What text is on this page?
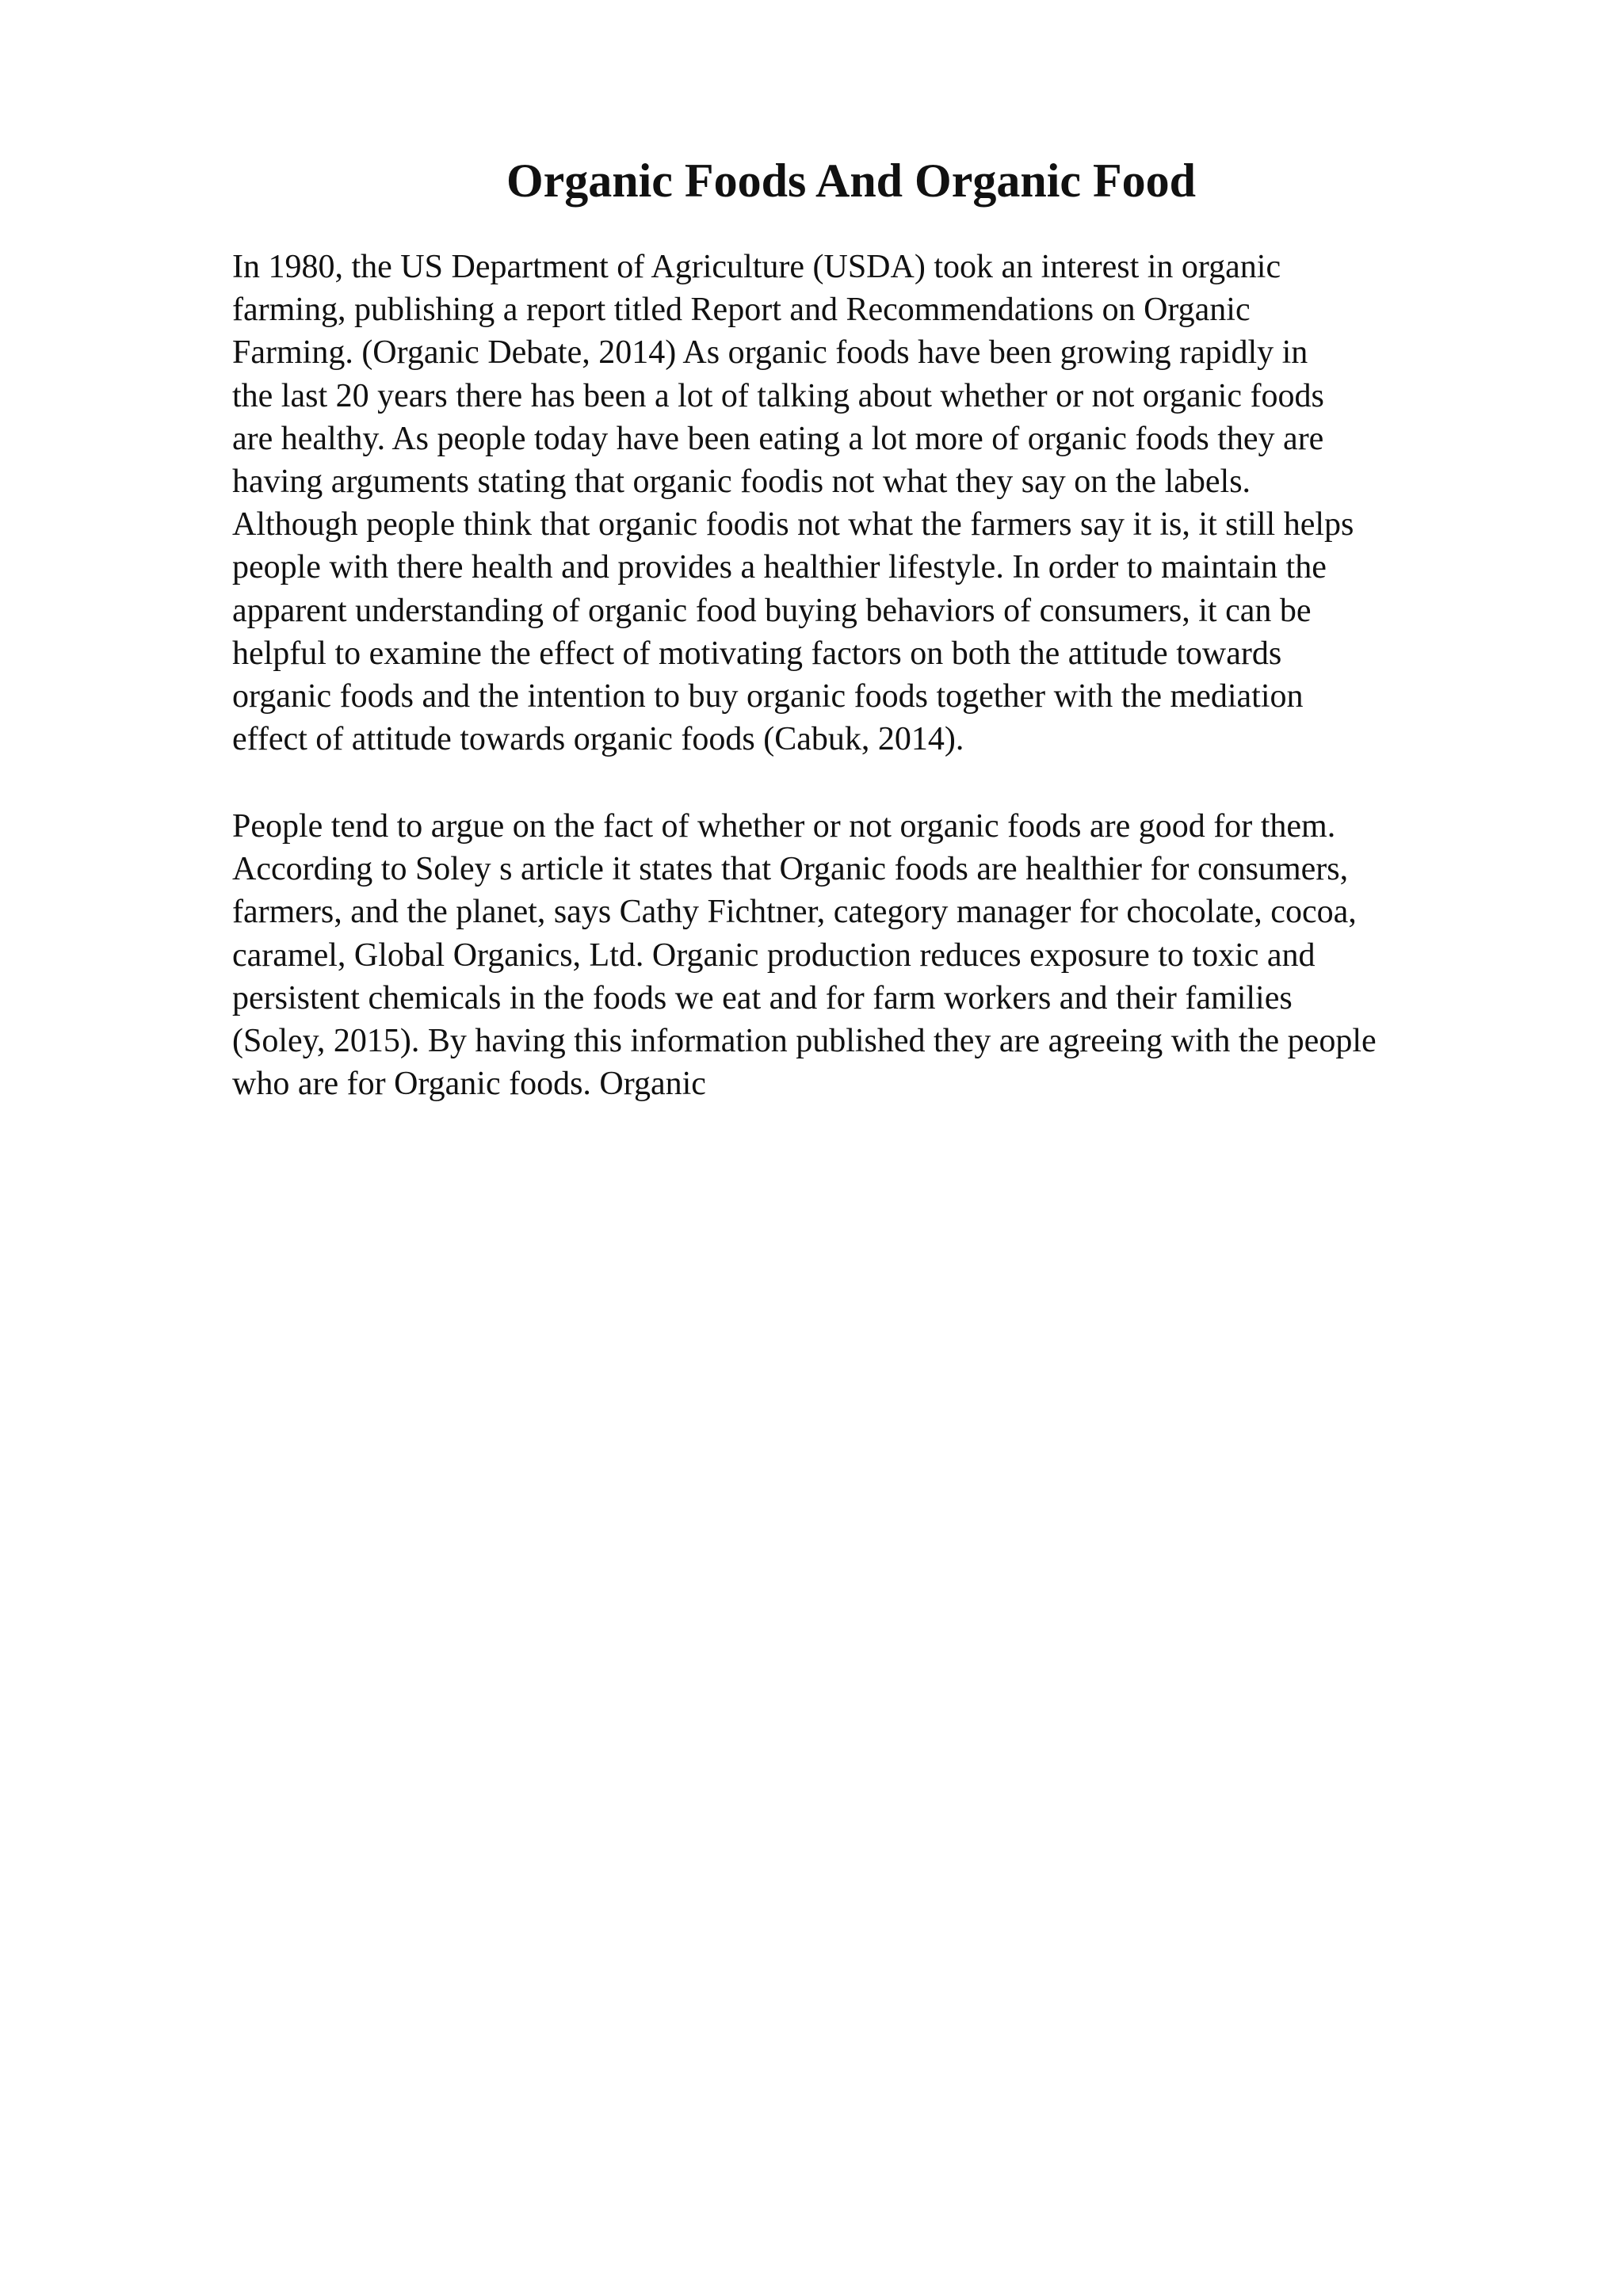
Organic Foods And Organic Food
In 1980, the US Department of Agriculture (USDA) took an interest in organic
farming, publishing a report titled Report and Recommendations on Organic
Farming. (Organic Debate, 2014) As organic foods have been growing rapidly in
the last 20 years there has been a lot of talking about whether or not organic foods
are healthy. As people today have been eating a lot more of organic foods they are
having arguments stating that organic foodis not what they say on the labels.
Although people think that organic foodis not what the farmers say it is, it still helps
people with there health and provides a healthier lifestyle. In order to maintain the
apparent understanding of organic food buying behaviors of consumers, it can be
helpful to examine the effect of motivating factors on both the attitude towards
organic foods and the intention to buy organic foods together with the mediation
effect of attitude towards organic foods (Cabuk, 2014).
People tend to argue on the fact of whether or not organic foods are good for them.
According to Soley s article it states that Organic foods are healthier for consumers,
farmers, and the planet, says Cathy Fichtner, category manager for chocolate, cocoa,
caramel, Global Organics, Ltd. Organic production reduces exposure to toxic and
persistent chemicals in the foods we eat and for farm workers and their families
(Soley, 2015). By having this information published they are agreeing with the people
who are for Organic foods. Organic
